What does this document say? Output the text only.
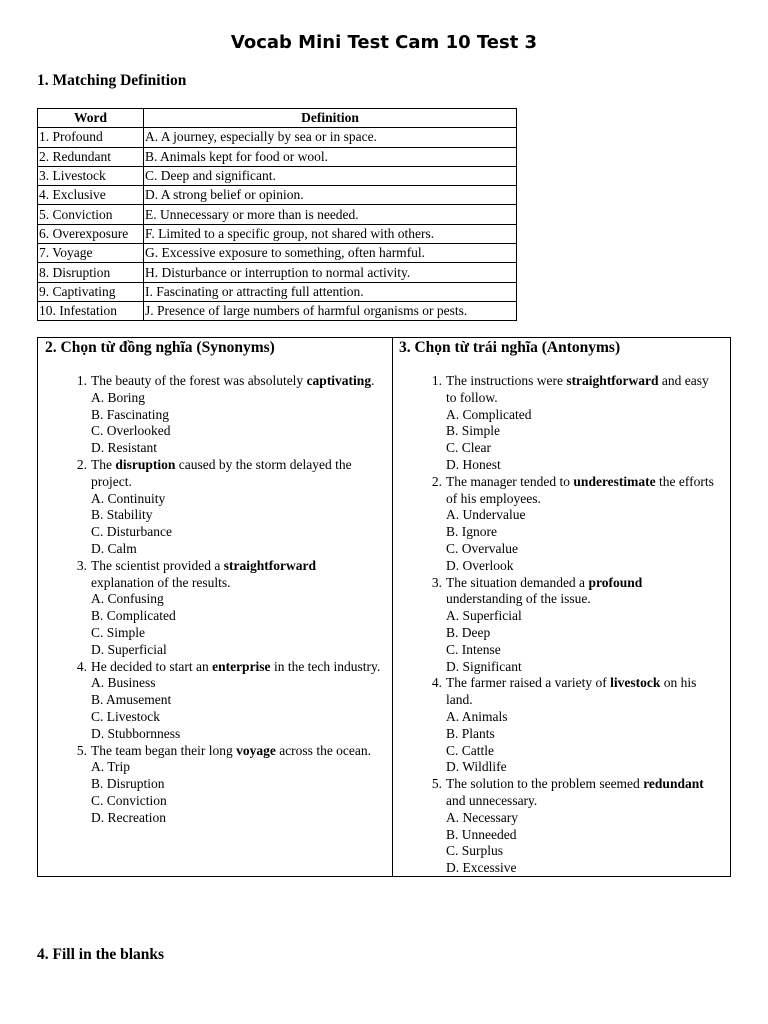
Vocab Mini Test Cam 10 Test 3
1. Matching Definition
Word	Definition
1. Profound	A. A journey, especially by sea or in space.
2. Redundant	B. Animals kept for food or wool.
3. Livestock	C. Deep and significant.
4. Exclusive	D. A strong belief or opinion.
5. Conviction	E. Unnecessary or more than is needed.
6. Overexposure	F. Limited to a specific group, not shared with others.
7. Voyage	G. Excessive exposure to something, often harmful.
8. Disruption	H. Disturbance or interruption to normal activity.
9. Captivating	I. Fascinating or attracting full attention.
10. Infestation	J. Presence of large numbers of harmful organisms or pests.
2. Chọn từ đồng nghĩa (Synonyms)
1. The beauty of the forest was absolutely captivating.
A. Boring
B. Fascinating
C. Overlooked
D. Resistant
2. The disruption caused by the storm delayed the project.
A. Continuity
B. Stability
C. Disturbance
D. Calm
3. The scientist provided a straightforward explanation of the results.
A. Confusing
B. Complicated
C. Simple
D. Superficial
4. He decided to start an enterprise in the tech industry.
A. Business
B. Amusement
C. Livestock
D. Stubbornness
5. The team began their long voyage across the ocean.
A. Trip
B. Disruption
C. Conviction
D. Recreation
3. Chọn từ trái nghĩa (Antonyms)
1. The instructions were straightforward and easy to follow.
A. Complicated
B. Simple
C. Clear
D. Honest
2. The manager tended to underestimate the efforts of his employees.
A. Undervalue
B. Ignore
C. Overvalue
D. Overlook
3. The situation demanded a profound understanding of the issue.
A. Superficial
B. Deep
C. Intense
D. Significant
4. The farmer raised a variety of livestock on his land.
A. Animals
B. Plants
C. Cattle
D. Wildlife
5. The solution to the problem seemed redundant and unnecessary.
A. Necessary
B. Unneeded
C. Surplus
D. Excessive
4. Fill in the blanks
